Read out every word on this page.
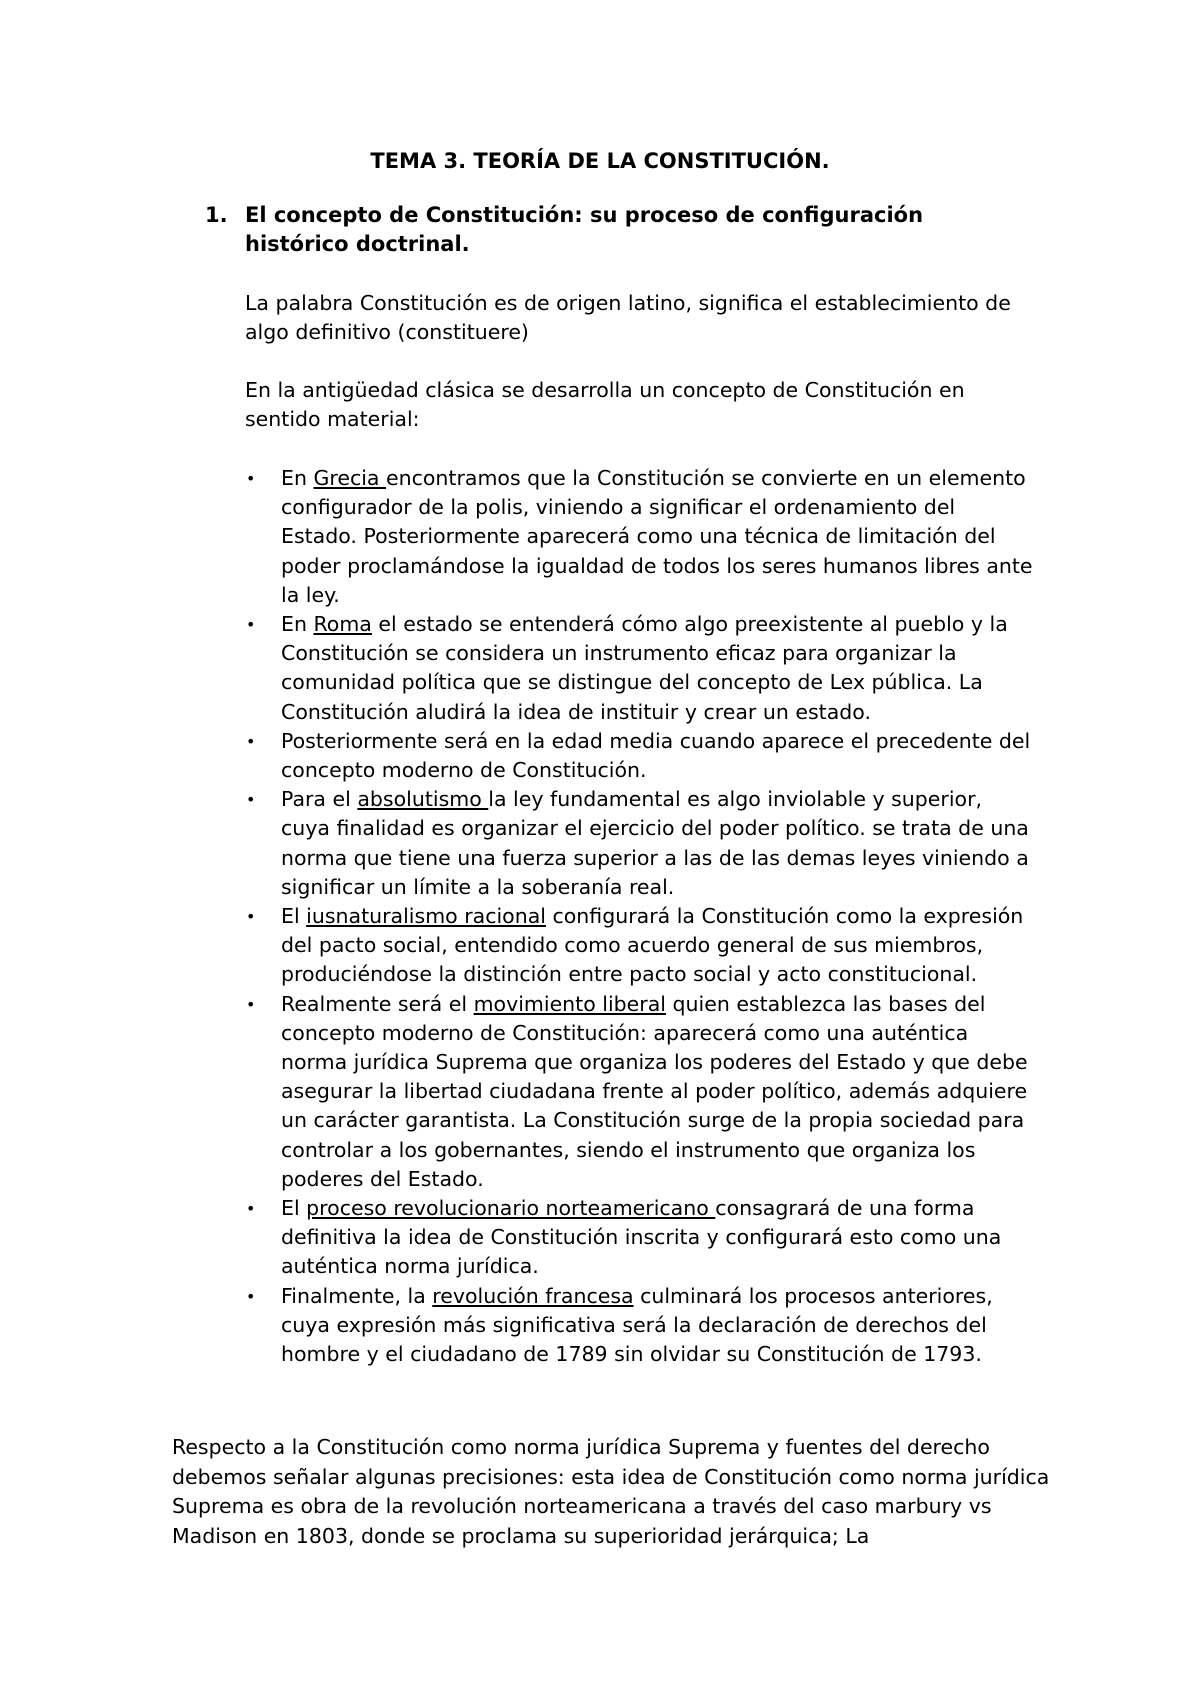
TEMA 3. TEORÍA DE LA CONSTITUCIÓN.
1. El concepto de Constitución: su proceso de configuración histórico doctrinal.
La palabra Constitución es de origen latino, significa el establecimiento de algo definitivo (constituere)
En la antigüedad clásica se desarrolla un concepto de Constitución en sentido material:
• En Grecia encontramos que la Constitución se convierte en un elemento configurador de la polis, viniendo a significar el ordenamiento del Estado. Posteriormente aparecerá como una técnica de limitación del poder proclamándose la igualdad de todos los seres humanos libres ante la ley.
• En Roma el estado se entenderá cómo algo preexistente al pueblo y la Constitución se considera un instrumento eficaz para organizar la comunidad política que se distingue del concepto de Lex pública. La Constitución aludirá la idea de instituir y crear un estado.
• Posteriormente será en la edad media cuando aparece el precedente del concepto moderno de Constitución.
• Para el absolutismo la ley fundamental es algo inviolable y superior, cuya finalidad es organizar el ejercicio del poder político. se trata de una norma que tiene una fuerza superior a las de las demas leyes viniendo a significar un límite a la soberanía real.
• El iusnaturalismo racional configurará la Constitución como la expresión del pacto social, entendido como acuerdo general de sus miembros, produciéndose la distinción entre pacto social y acto constitucional.
• Realmente será el movimiento liberal quien establezca las bases del concepto moderno de Constitución: aparecerá como una auténtica norma jurídica Suprema que organiza los poderes del Estado y que debe asegurar la libertad ciudadana frente al poder político, además adquiere un carácter garantista. La Constitución surge de la propia sociedad para controlar a los gobernantes, siendo el instrumento que organiza los poderes del Estado.
• El proceso revolucionario norteamericano consagrará de una forma definitiva la idea de Constitución inscrita y configurará esto como una auténtica norma jurídica.
• Finalmente, la revolución francesa culminará los procesos anteriores, cuya expresión más significativa será la declaración de derechos del hombre y el ciudadano de 1789 sin olvidar su Constitución de 1793.
Respecto a la Constitución como norma jurídica Suprema y fuentes del derecho debemos señalar algunas precisiones: esta idea de Constitución como norma jurídica Suprema es obra de la revolución norteamericana a través del caso marbury vs Madison en 1803, donde se proclama su superioridad jerárquica; La
